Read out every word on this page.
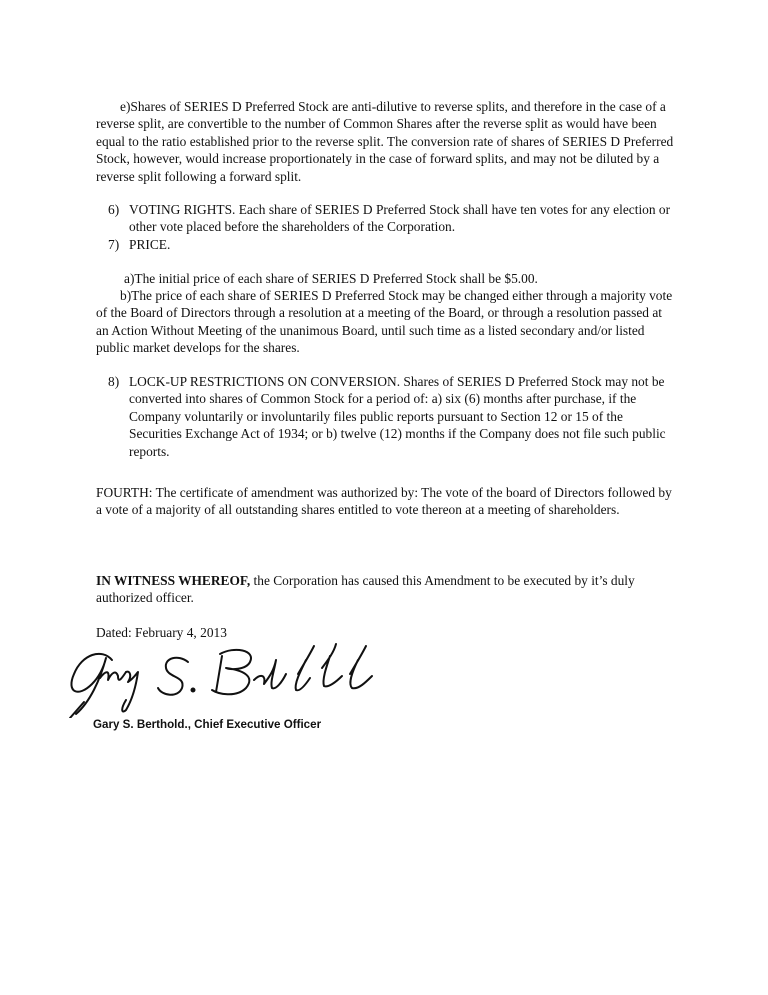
e)Shares of SERIES D Preferred Stock are anti-dilutive to reverse splits, and therefore in the case of a reverse split, are convertible to the number of Common Shares after the reverse split as would have been equal to the ratio established prior to the reverse split. The conversion rate of shares of SERIES D Preferred Stock, however, would increase proportionately in the case of forward splits, and may not be diluted by a reverse split following a forward split.

6) VOTING RIGHTS. Each share of SERIES D Preferred Stock shall have ten votes for any election or other vote placed before the shareholders of the Corporation.
7) PRICE.

a)The initial price of each share of SERIES D Preferred Stock shall be $5.00.

b)The price of each share of SERIES D Preferred Stock may be changed either through a majority vote of the Board of Directors through a resolution at a meeting of the Board, or through a resolution passed at an Action Without Meeting of the unanimous Board, until such time as a listed secondary and/or listed public market develops for the shares.

8) LOCK-UP RESTRICTIONS ON CONVERSION. Shares of SERIES D Preferred Stock may not be converted into shares of Common Stock for a period of: a) six (6) months after purchase, if the Company voluntarily or involuntarily files public reports pursuant to Section 12 or 15 of the Securities Exchange Act of 1934; or b) twelve (12) months if the Company does not file such public reports.

FOURTH: The certificate of amendment was authorized by: The vote of the board of Directors followed by a vote of a majority of all outstanding shares entitled to vote thereon at a meeting of shareholders.

IN WITNESS WHEREOF, the Corporation has caused this Amendment to be executed by it’s duly authorized officer.

Dated: February 4, 2013

Gary S. Berthold., Chief Executive Officer
